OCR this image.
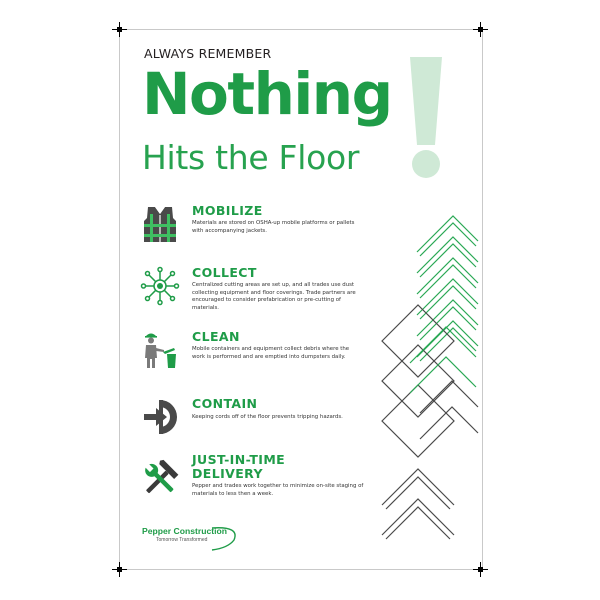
ALWAYS REMEMBER
Nothing
Hits the Floor
MOBILIZE
Materials are stored on OSHA-up mobile platforms or pallets with accompanying jackets.
COLLECT
Centralized cutting areas are set up, and all trades use dust collecting equipment and floor coverings. Trade partners are encouraged to consider prefabrication or pre-cutting of materials.
CLEAN
Mobile containers and equipment collect debris where the work is performed and are emptied into dumpsters daily.
CONTAIN
Keeping cords off of the floor prevents tripping hazards.
JUST-IN-TIME
DELIVERY
Pepper and trades work together to minimize on-site staging of materials to less then a week.
Pepper Construction
Tomorrow Transformed
